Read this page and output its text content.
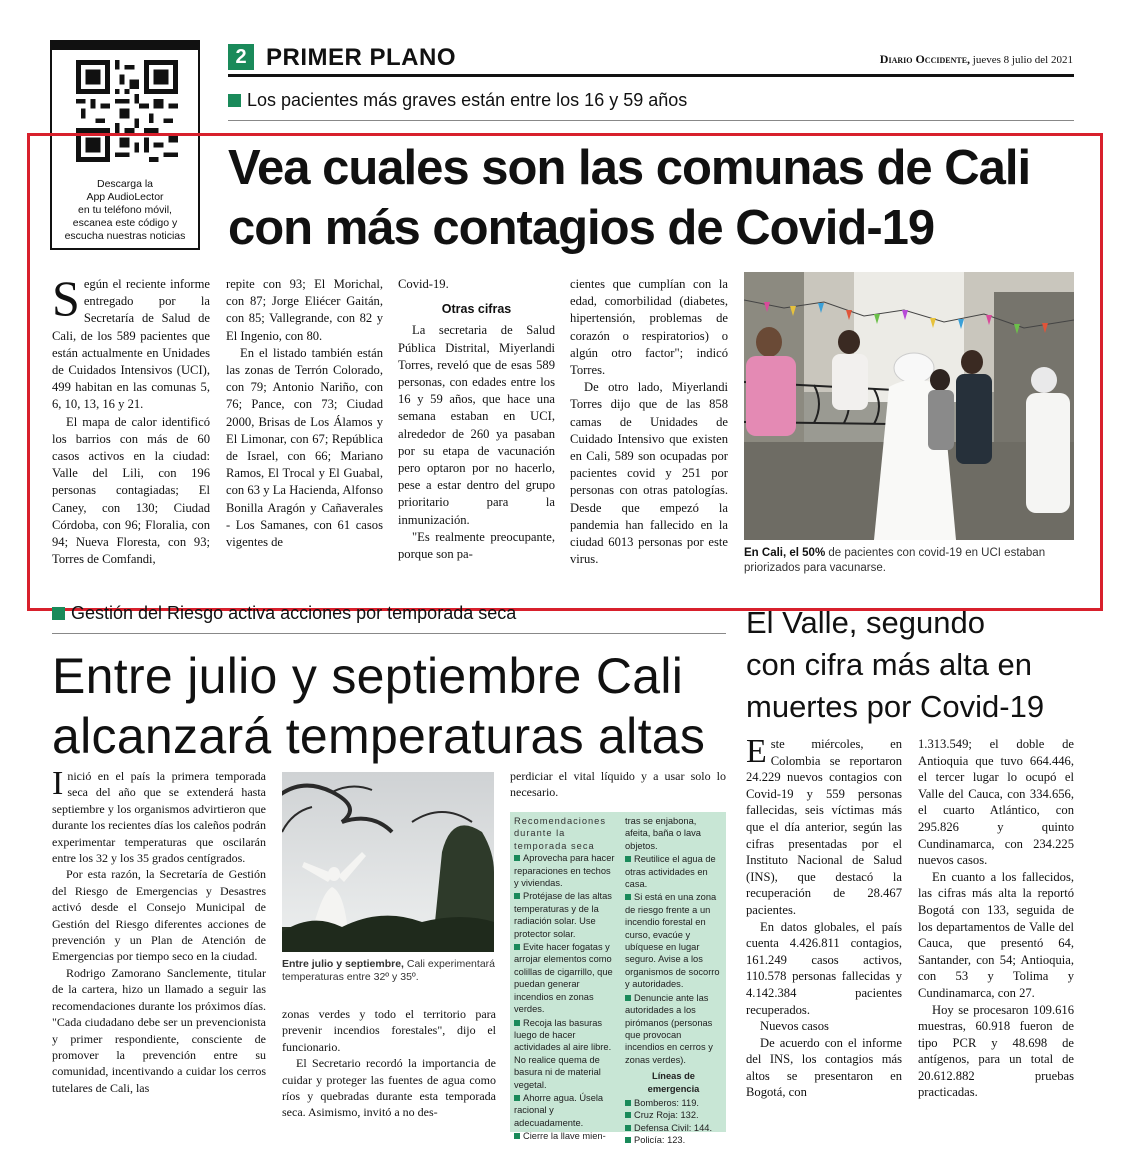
Descarga la
App AudioLector
en tu teléfono móvil,
escanea este código y
escucha nuestras noticias
2 PRIMER PLANO	Diario Occidente, jueves 8 julio del 2021
Los pacientes más graves están entre los 16 y 59 años
Vea cuales son las comunas de Cali
con más contagios de Covid-19

Según el reciente informe entregado por la Secretaría de Salud de Cali, de los 589 pacientes que están actualmente en Unidades de Cuidados Intensivos (UCI), 499 habitan en las comunas 5, 6, 10, 13, 16 y 21.

El mapa de calor identificó los barrios con más de 60 casos activos en la ciudad: Valle del Lili, con 196 personas contagiadas; El Caney, con 130; Ciudad Córdoba, con 96; Floralia, con 94; Nueva Floresta, con 93; Torres de Comfandi,

repite con 93; El Morichal, con 87; Jorge Eliécer Gaitán, con 85; Vallegrande, con 82 y El Ingenio, con 80.

En el listado también están las zonas de Terrón Colorado, con 79; Antonio Nariño, con 76; Pance, con 73; Ciudad 2000, Brisas de Los Álamos y El Limonar, con 67; República de Israel, con 66; Mariano Ramos, El Trocal y El Guabal, con 63 y La Hacienda, Alfonso Bonilla Aragón y Cañaverales - Los Samanes, con 61 casos vigentes de

Covid-19.

Otras cifras

La secretaria de Salud Pública Distrital, Miyerlandi Torres, reveló que de esas 589 personas, con edades entre los 16 y 59 años, que hace una semana estaban en UCI, alrededor de 260 ya pasaban por su etapa de vacunación pero optaron por no hacerlo, pese a estar dentro del grupo prioritario para la inmunización.

"Es realmente preocupante, porque son pa-

cientes que cumplían con la edad, comorbilidad (diabetes, hipertensión, problemas de corazón o respiratorios) o algún otro factor"; indicó Torres.

De otro lado, Miyerlandi Torres dijo que de las 858 camas de Unidades de Cuidado Intensivo que existen en Cali, 589 son ocupadas por pacientes covid y 251 por personas con otras patologías. Desde que empezó la pandemia han fallecido en la ciudad 6013 personas por este virus.	En Cali, el 50% de pacientes con covid-19 en UCI estaban priorizados para vacunarse.
Gestión del Riesgo activa acciones por temporada seca
Entre julio y septiembre Cali
alcanzará temperaturas altas

Inició en el país la primera temporada seca del año que se extenderá hasta septiembre y los organismos advirtieron que durante los recientes días los caleños podrán experimentar temperaturas que oscilarán entre los 32 y los 35 grados centígrados.

Por esta razón, la Secretaría de Gestión del Riesgo de Emergencias y Desastres activó desde el Consejo Municipal de Gestión del Riesgo diferentes acciones de prevención y un Plan de Atención de Emergencias por tiempo seco en la ciudad.

Rodrigo Zamorano Sanclemente, titular de la cartera, hizo un llamado a seguir las recomendaciones durante los próximos días. "Cada ciudadano debe ser un prevencionista y primer respondiente, consciente de promover la prevención entre su comunidad, incentivando a cuidar los cerros tutelares de Cali, las

Entre julio y septiembre, Cali experimentará temperaturas entre 32º y 35º.

zonas verdes y todo el territorio para prevenir incendios forestales", dijo el funcionario.

El Secretario recordó la importancia de cuidar y proteger las fuentes de agua como ríos y quebradas durante esta temporada seca. Asimismo, invitó a no des-

perdiciar el vital líquido y a usar solo lo necesario.

Recomendaciones durante la temporada seca
Aprovecha para hacer reparaciones en techos y viviendas.
Protéjase de las altas temperaturas y de la radiación solar. Use protector solar.
Evite hacer fogatas y arrojar elementos como colillas de cigarrillo, que puedan generar incendios en zonas verdes.
Recoja las basuras luego de hacer actividades al aire libre. No realice quema de basura ni de material vegetal.
Ahorre agua. Úsela racional y adecuadamente.
Cierre la llave mien-
tras se enjabona, afeita, baña o lava objetos.
Reutilice el agua de otras actividades en casa.
Si está en una zona de riesgo frente a un incendio forestal en curso, evacúe y ubíquese en lugar seguro. Avise a los organismos de socorro y autoridades.
Denuncie ante las autoridades a los pirómanos (personas que provocan incendios en cerros y zonas verdes).
Líneas de emergencia
Bomberos: 119.
Cruz Roja: 132.
Defensa Civil: 144.
Policía: 123.
El Valle, segundo
con cifra más alta en
muertes por Covid-19

Este miércoles, en Colombia se reportaron 24.229 nuevos contagios con Covid-19 y 559 personas fallecidas, seis víctimas más que el día anterior, según las cifras presentadas por el Instituto Nacional de Salud (INS), que destacó la recuperación de 28.467 pacientes.

En datos globales, el país cuenta 4.426.811 contagios, 161.249 casos activos, 110.578 personas fallecidas y 4.142.384 pacientes recuperados.

Nuevos casos

De acuerdo con el informe del INS, los contagios más altos se presentaron en Bogotá, con

1.313.549; el doble de Antioquia que tuvo 664.446, el tercer lugar lo ocupó el Valle del Cauca, con 334.656, el cuarto Atlántico, con 295.826 y quinto Cundinamarca, con 234.225 nuevos casos.

En cuanto a los fallecidos, las cifras más alta la reportó Bogotá con 133, seguida de los departamentos de Valle del Cauca, que presentó 64, Santander, con 54; Antioquia, con 53 y Tolima y Cundinamarca, con 27.

Hoy se procesaron 109.616 muestras, 60.918 fueron de tipo PCR y 48.698 de antígenos, para un total de 20.612.882 pruebas practicadas.
